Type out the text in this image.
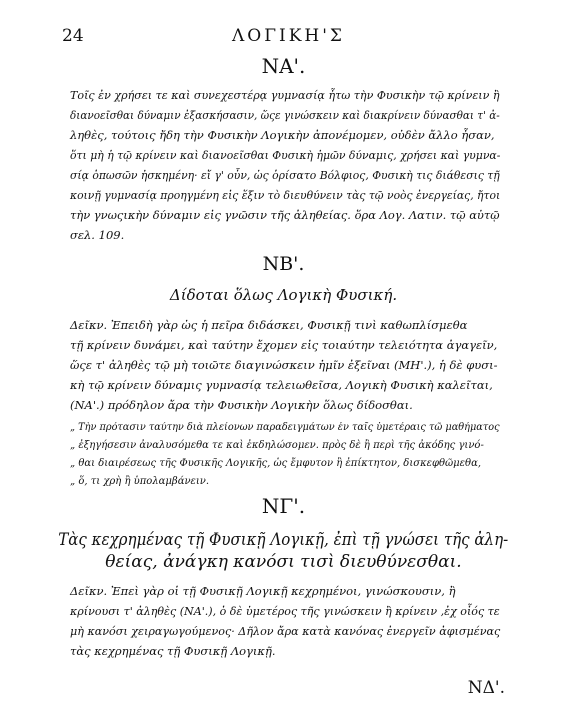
24	ΛΟΓΙΚΗ'Σ
ΝΑ'.
Τοῖς ἐν χρήσει τε καὶ συνεχεστέρᾳ γυμνασίᾳ ἦτω τὴν Φυσικὴν τῷ κρίνειν ἢ
διανοεῖσθαι δύναμιν ἐξασκήσασιν, ὥςε γινώσκειν καὶ διακρίνειν δύνασθαι τ' ἀ-
ληθὲς, τούτοις ἤδη τὴν Φυσικὴν Λογικὴν ἀπονέμομεν, οὐδὲν ἄλλο ἦσαν,
ὅτι μὴ ἡ τῷ κρίνειν καὶ διανοεῖσθαι Φυσικὴ ἡμῶν δύναμις, χρήσει καὶ γυμνα-
σίᾳ ὁπωσῶν ἠσκημένη· εἴ γ' οὖν, ὡς ὁρίσατο Βόλφιος, Φυσικὴ τις διάθεσις τῇ
κοινῇ γυμνασίᾳ προηγμένη εἰς ἕξιν τὸ διευθύνειν τὰς τῷ νοὸς ἐνεργείας, ἤτοι
τὴν γνωςικὴν δύναμιν εἰς γνῶσιν τῆς ἀληθείας. ὅρα Λογ. Λατιν. τῷ αὐτῷ
σελ. 109.
ΝΒ'.
Δίδοται ὅλως Λογικὴ Φυσική.
Δεῖκν. Ἐπειδὴ γὰρ ὡς ἡ πεῖρα διδάσκει, Φυσικῇ τινὶ καθωπλίσμεθα
τῇ κρίνειν δυνάμει, καὶ ταύτην ἔχομεν εἰς τοιαύτην τελειότητα ἀγαγεῖν,
ὥςε τ' ἀληθὲς τῷ μὴ τοιῶτε διαγινώσκειν ἡμῖν ἐξεῖναι (ΜΗ'.), ἡ δὲ φυσι-
κὴ τῷ κρίνειν δύναμις γυμνασίᾳ τελειωθεῖσα, Λογικὴ Φυσικὴ καλεῖται,
(ΝΑ'.) πρόδηλον ἄρα τὴν Φυσικὴν Λογικὴν ὅλως δίδοσθαι.
„ Τὴν πρότασιν ταύτην διὰ πλείονων παραδειγμάτων ἐν ταῖς ὑμετέραις τῶ μαθήματος
„ ἐξηγήσεσιν ἀναλυσόμεθα τε καὶ ἐκδηλώσομεν. πρὸς δὲ ἢ περὶ τῆς ἀκόδης γινό-
„ θαι διαιρέσεως τῆς Φυσικῆς Λογικῆς, ὡς ἔμφυτον ἢ ἐπίκτητον, δισκεφθῶμεθα,
„ ὅ, τι χρὴ ἢ ὑπολαμβάνειν.
ΝΓ'.
Τὰς κεχρημένας τῇ Φυσικῇ Λογικῇ, ἐπὶ τῇ γνώσει τῆς ἀλη-
θείας, ἀνάγκη κανόσι τισὶ διευθύνεσθαι.
Δεῖκν. Ἐπεὶ γὰρ οἱ τῇ Φυσικῇ Λογικῇ κεχρημένοι, γινώσκουσιν, ἢ
κρίνουσι τ' ἀληθὲς (ΝΑ'.), ὁ δὲ ὑμετέρος τῆς γινώσκειν ἢ κρίνειν ,ἐχ οἷός τε
μὴ κανόσι χειραγωγούμενος· Δῆλον ἄρα κατὰ κανόνας ἐνεργεῖν ἀφισμένας
τὰς κεχρημένας τῇ Φυσικῇ Λογικῇ.
ΝΔ'.
